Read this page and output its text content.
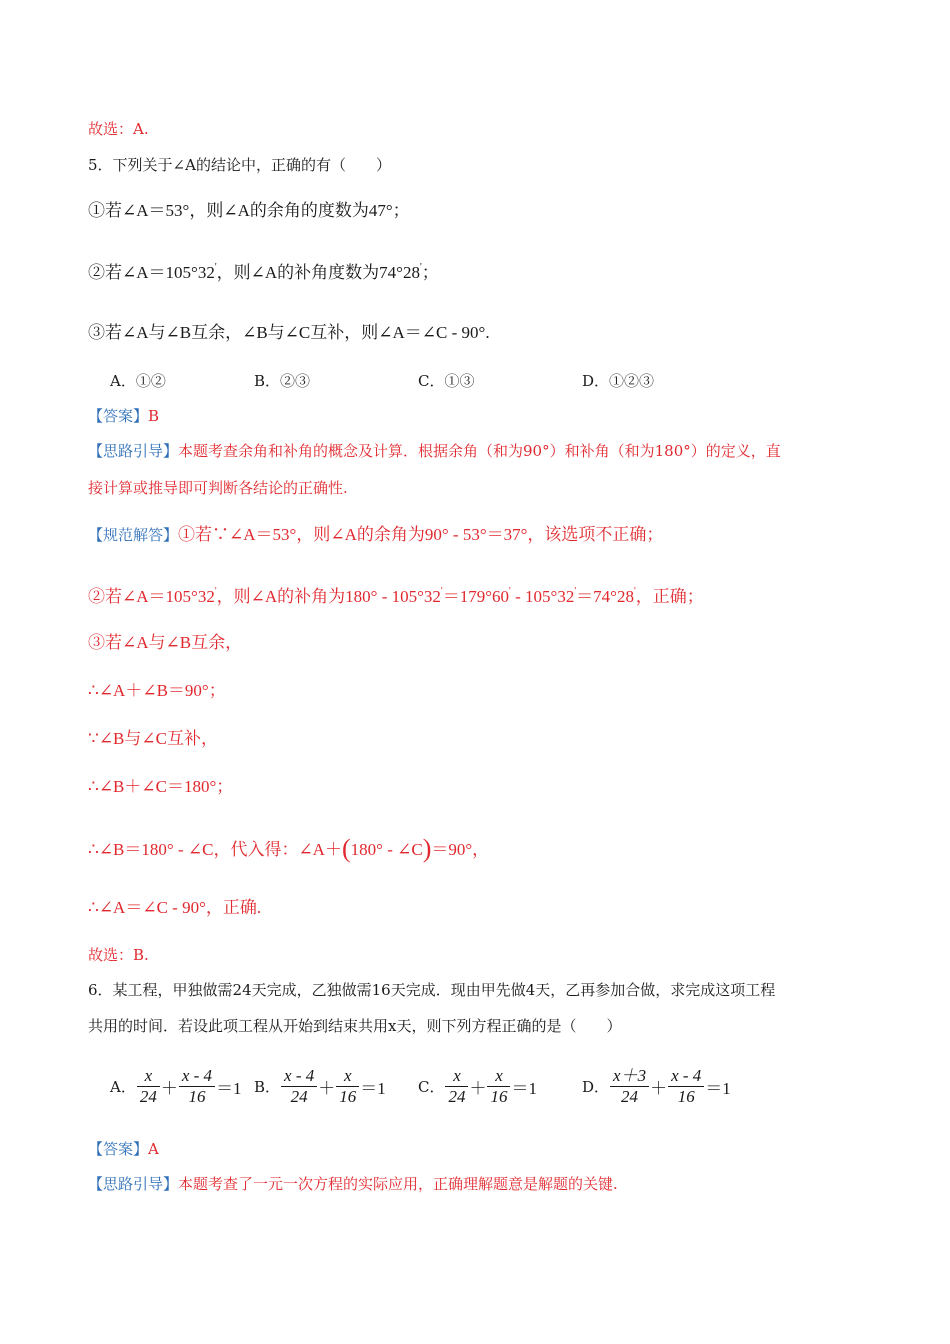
故选：A.
5．下列关于∠A的结论中，正确的有（　　）
①若∠A＝53°，则∠A的余角的度数为47°；
②若∠A＝105°32'，则∠A的补角度数为74°28'；
③若∠A与∠B互余，∠B与∠C互补，则∠A＝∠C - 90°.
A．①②	B．②③	C．①③	D．①②③
【答案】B
【思路引导】本题考查余角和补角的概念及计算．根据余角（和为90°）和补角（和为180°）的定义，直
接计算或推导即可判断各结论的正确性.
【规范解答】①若∵∠A＝53°，则∠A的余角为90° - 53°＝37°，该选项不正确；
②若∠A＝105°32'，则∠A的补角为180° - 105°32'＝179°60' - 105°32'＝74°28'，正确；
③若∠A与∠B互余，
∴∠A＋∠B＝90°；
∵∠B与∠C互补，
∴∠B＋∠C＝180°；
∴∠B＝180° - ∠C，代入得：∠A＋(180° - ∠C)＝90°，
∴∠A＝∠C - 90°，正确.
故选：B.
6．某工程，甲独做需24天完成，乙独做需16天完成．现由甲先做4天，乙再参加合做，求完成这项工程
共用的时间．若设此项工程从开始到结束共用x天，则下列方程正确的是（　　）
A． $\frac{x}{24} + \frac{x - 4}{16} =1$ B． $\frac{x - 4}{24} + \frac{x}{16} =1$ C． $\frac{x}{24} + \frac{x}{16} =1$	D． $\frac{x+3}{24} + \frac{x - 4}{16} =1$
【答案】A
【思路引导】本题考查了一元一次方程的实际应用，正确理解题意是解题的关键.
